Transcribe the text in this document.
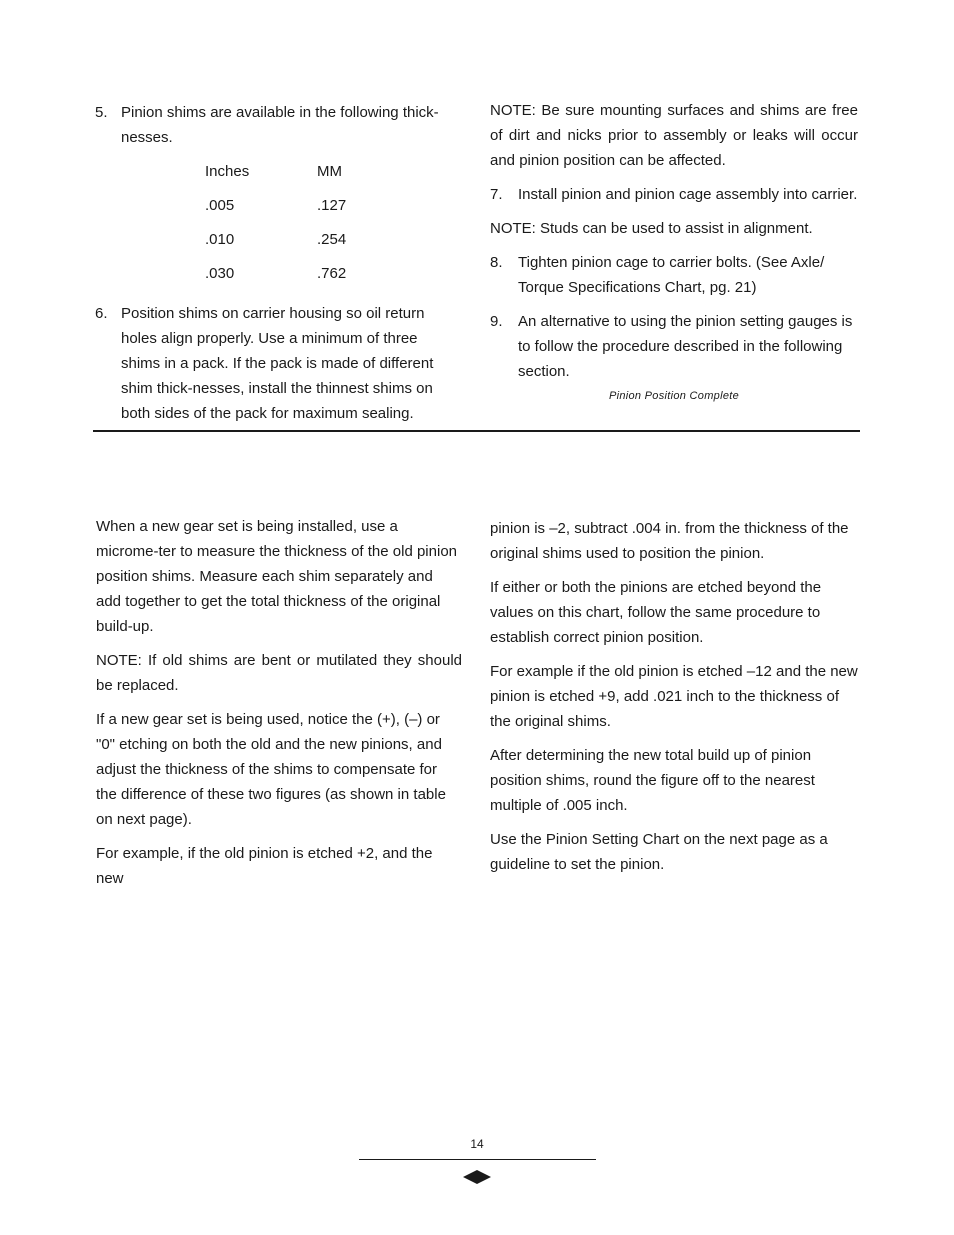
5. Pinion shims are available in the following thick-nesses.
Inches	MM
.005	.127
.010	.254
.030	.762
6. Position shims on carrier housing so oil return holes align properly. Use a minimum of three shims in a pack. If the pack is made of different shim thick-nesses, install the thinnest shims on both sides of the pack for maximum sealing.

NOTE: Be sure mounting surfaces and shims are free of dirt and nicks prior to assembly or leaks will occur and pinion position can be affected.

7. Install pinion and pinion cage assembly into carrier.

NOTE: Studs can be used to assist in alignment.

8. Tighten pinion cage to carrier bolts. (See Axle/ Torque Specifications Chart, pg. 21)
9. An alternative to using the pinion setting gauges is to follow the procedure described in the following section.
Pinion Position Complete

When a new gear set is being installed, use a microme-ter to measure the thickness of the old pinion position shims. Measure each shim separately and add together to get the total thickness of the original build-up.

NOTE: If old shims are bent or mutilated they should be replaced.

If a new gear set is being used, notice the (+), (–) or "0" etching on both the old and the new pinions, and adjust the thickness of the shims to compensate for the difference of these two figures (as shown in table on next page).

For example, if the old pinion is etched +2, and the new

pinion is –2, subtract .004 in. from the thickness of the original shims used to position the pinion.

If either or both the pinions are etched beyond the values on this chart, follow the same procedure to establish correct pinion position.

For example if the old pinion is etched –12 and the new pinion is etched +9, add .021 inch to the thickness of the original shims.

After determining the new total build up of pinion position shims, round the figure off to the nearest multiple of .005 inch.

Use the Pinion Setting Chart on the next page as a guideline to set the pinion.

14
